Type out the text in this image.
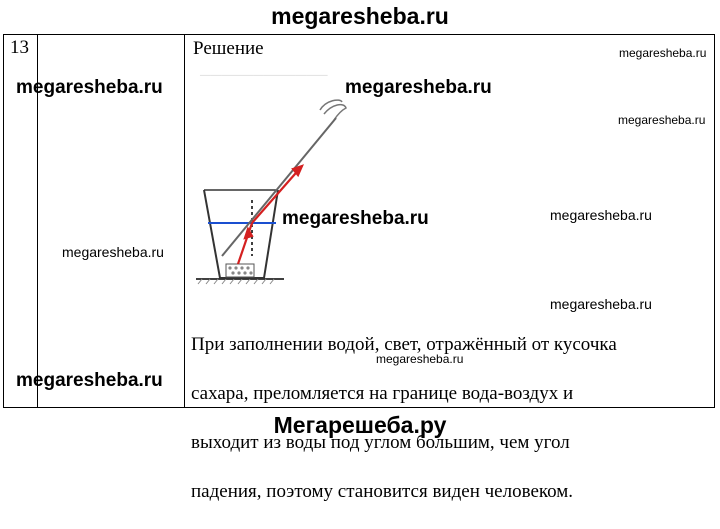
megaresheba.ru
13	Решение

При заполнении водой, свет, отражённый от кусочка

сахара, преломляется на границе вода-воздух и

выходит из воды под углом большим, чем угол

падения, поэтому становится виден человеком.

────────────
megaresheba.ru	megaresheba.ru
megaresheba.ru
megaresheba.ru
megaresheba.ru
megaresheba.ru
megaresheba.ru
megaresheba.ru
megaresheba.ru
megaresheba.ru
Мегарешеба.ру
